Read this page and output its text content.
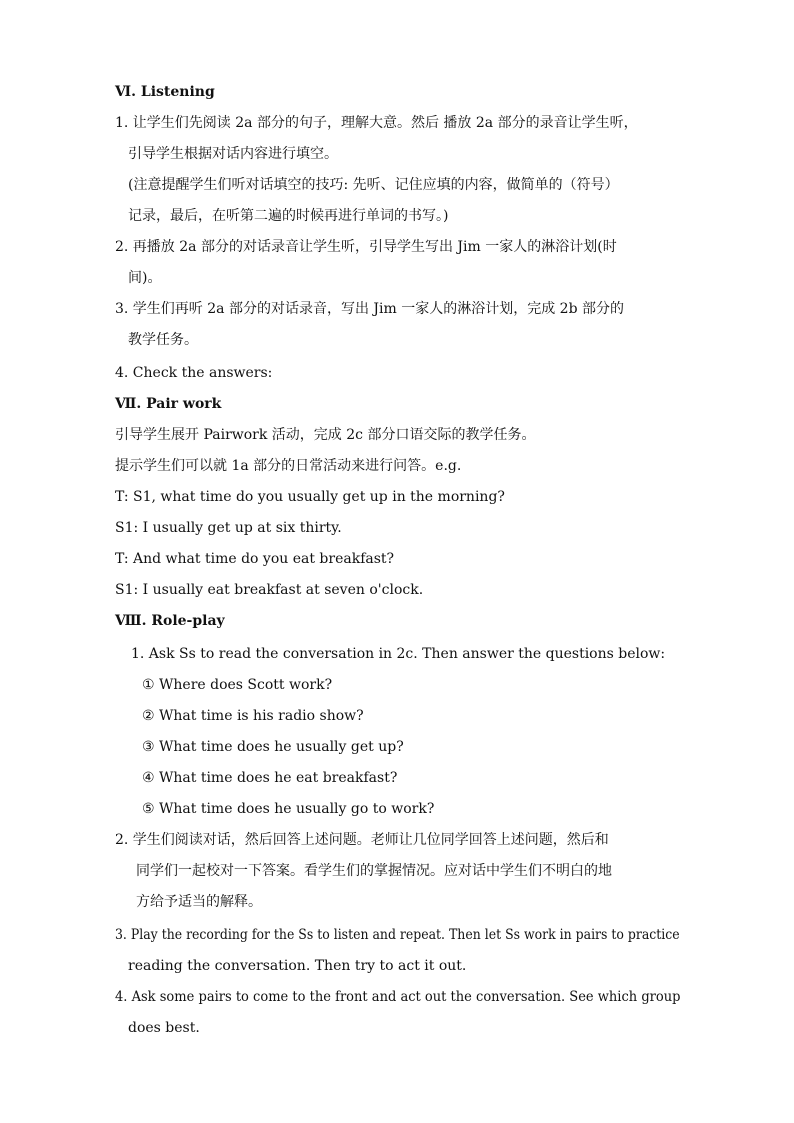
Ⅵ. Listening
1. 让学生们先阅读 2a 部分的句子，理解大意。然后 播放 2a 部分的录音让学生听，
引导学生根据对话内容进行填空。
(注意提醒学生们听对话填空的技巧: 先听、记住应填的内容，做简单的（符号）
记录，最后，在听第二遍的时候再进行单词的书写。)
2. 再播放 2a 部分的对话录音让学生听，引导学生写出 Jim 一家人的淋浴计划(时
间)。
3. 学生们再听 2a 部分的对话录音，写出 Jim 一家人的淋浴计划，完成 2b 部分的
教学任务。
4. Check the answers:
Ⅶ. Pair work
引导学生展开 Pairwork 活动，完成 2c 部分口语交际的教学任务。
提示学生们可以就 1a 部分的日常活动来进行问答。e.g.
T: S1, what time do you usually get up in the morning?
S1: I usually get up at six thirty.
T: And what time do you eat breakfast?
S1: I usually eat breakfast at seven o'clock.
Ⅷ. Role-play
1. Ask Ss to read the conversation in 2c. Then answer the questions below:
① Where does Scott work?
② What time is his radio show?
③ What time does he usually get up?
④ What time does he eat breakfast?
⑤ What time does he usually go to work?
2. 学生们阅读对话，然后回答上述问题。老师让几位同学回答上述问题，然后和
同学们一起校对一下答案。看学生们的掌握情况。应对话中学生们不明白的地
方给予适当的解释。
3. Play the recording for the Ss to listen and repeat. Then let Ss work in pairs to practice
reading the conversation. Then try to act it out.
4. Ask some pairs to come to the front and act out the conversation. See which group
does best.
